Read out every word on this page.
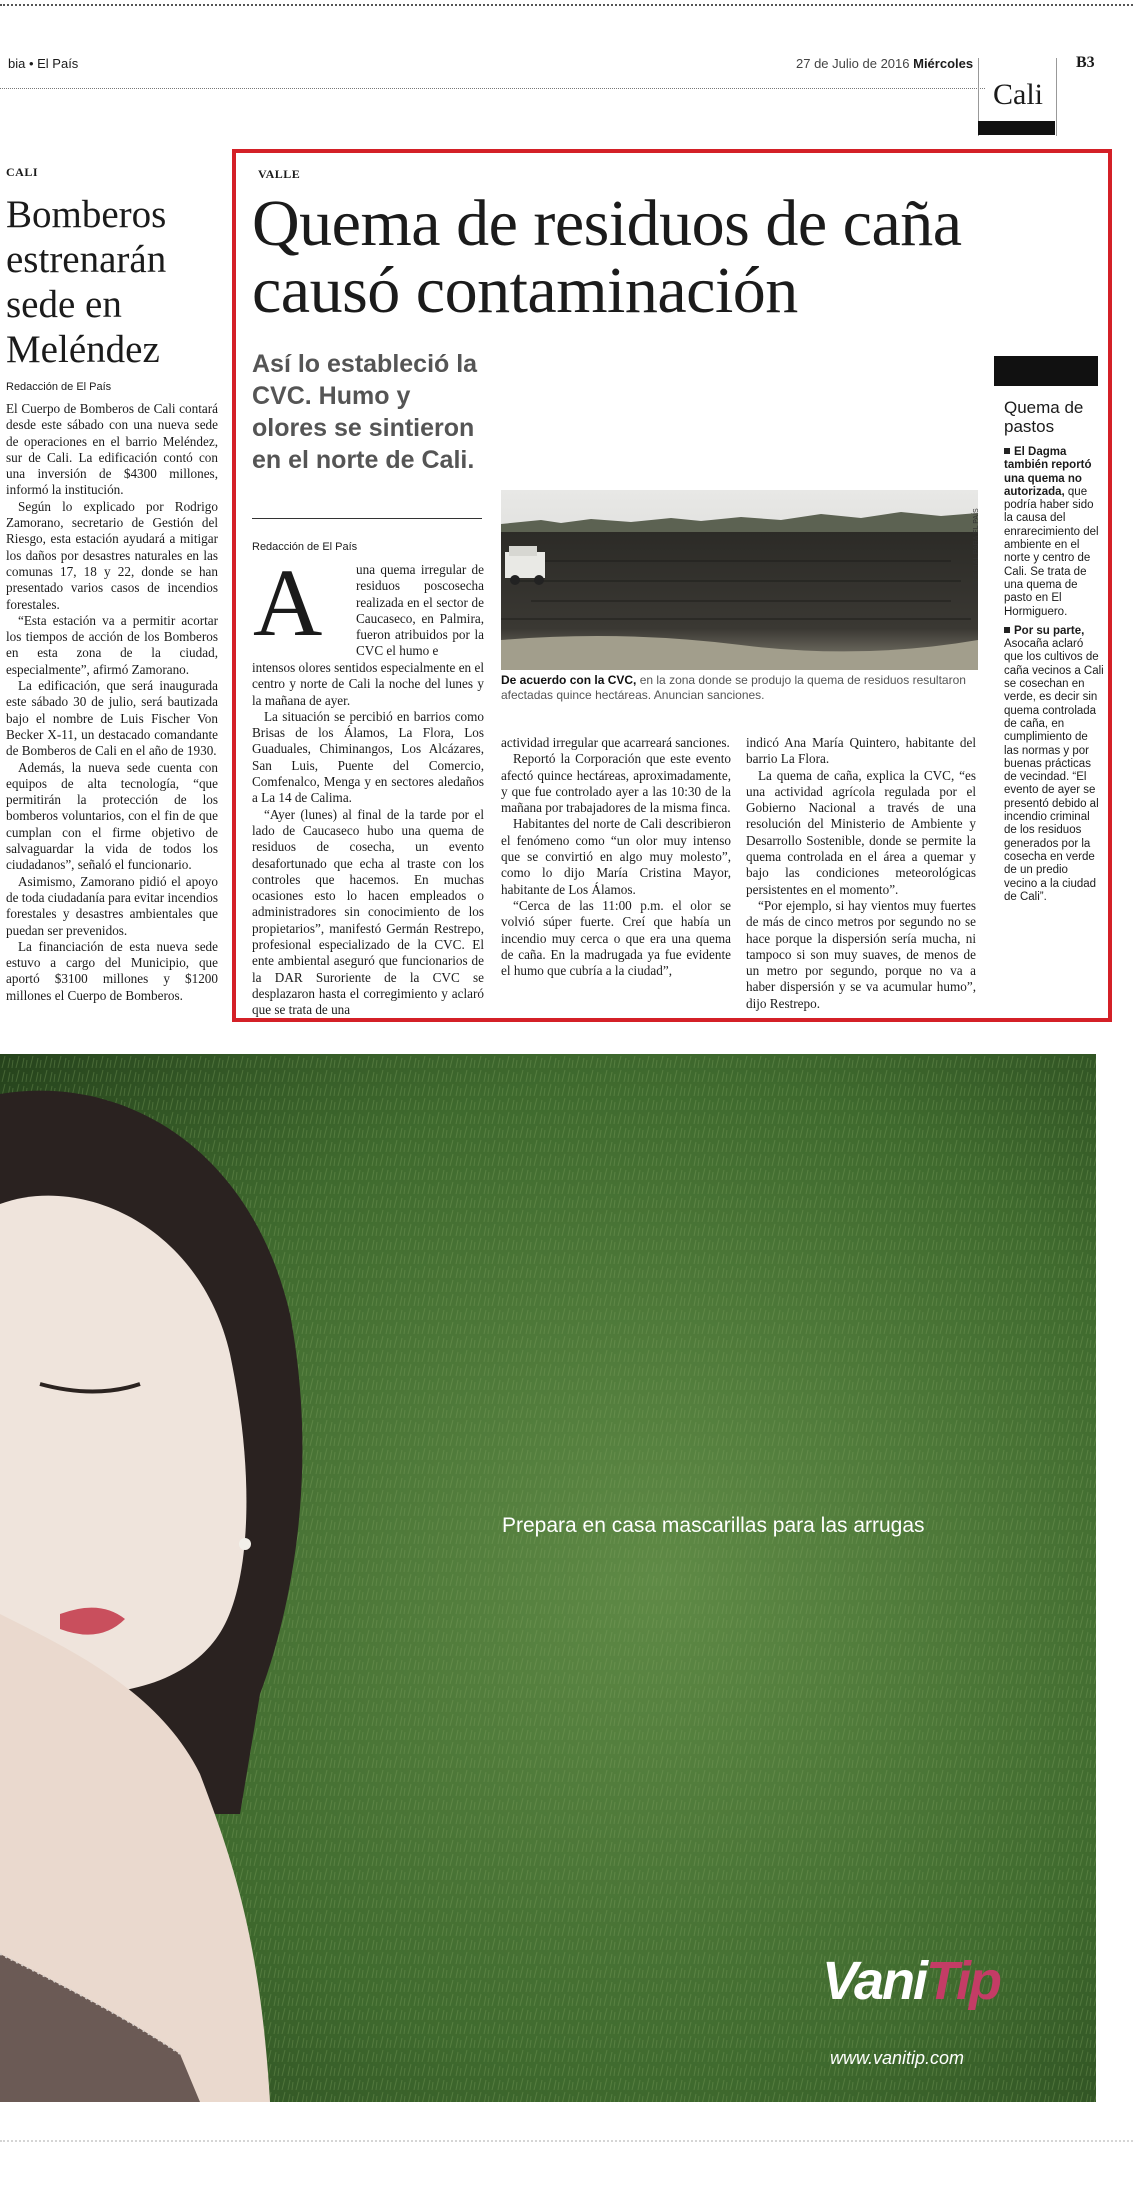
bia • El País	27 de Julio de 2016 Miércoles	B3
Cali
CALI
Bomberos estrenarán sede en Meléndez
Redacción de El País

El Cuerpo de Bomberos de Cali contará desde este sábado con una nueva sede de operaciones en el barrio Meléndez, sur de Cali. La edificación contó con una inversión de $4300 millones, informó la institución.

Según lo explicado por Rodrigo Zamorano, secretario de Gestión del Riesgo, esta estación ayudará a mitigar los daños por desastres naturales en las comunas 17, 18 y 22, donde se han presentado varios casos de incendios forestales.

“Esta estación va a permitir acortar los tiempos de acción de los Bomberos en esta zona de la ciudad, especialmente”, afirmó Zamorano.

La edificación, que será inaugurada este sábado 30 de julio, será bautizada bajo el nombre de Luis Fischer Von Becker X-11, un destacado comandante de Bomberos de Cali en el año de 1930.

Además, la nueva sede cuenta con equipos de alta tecnología, “que permitirán la protección de los bomberos voluntarios, con el fin de que cumplan con el firme objetivo de salvaguardar la vida de todos los ciudadanos”, señaló el funcionario.

Asimismo, Zamorano pidió el apoyo de toda ciudadanía para evitar incendios forestales y desastres ambientales que puedan ser prevenidos.

La financiación de esta nueva sede estuvo a cargo del Municipio, que aportó $3100 millones y $1200 millones el Cuerpo de Bomberos.

VALLE
Quema de residuos de caña causó contaminación

Así lo estableció la CVC. Humo y olores se sintieron en el norte de Cali.

Redacción de El País
A	una quema irregular de residuos poscosecha realizada en el sector de Caucaseco, en Palmira, fueron atribuidos por la CVC el humo e

intensos olores sentidos especialmente en el centro y norte de Cali la noche del lunes y la mañana de ayer.

La situación se percibió en barrios como Brisas de los Álamos, La Flora, Los Guaduales, Chiminangos, Los Alcázares, San Luis, Puente del Comercio, Comfenalco, Menga y en sectores aledaños a La 14 de Calima.

“Ayer (lunes) al final de la tarde por el lado de Caucaseco hubo una quema de residuos de cosecha, un evento desafortunado que echa al traste con los controles que hacemos. En muchas ocasiones esto lo hacen empleados o administradores sin conocimiento de los propietarios”, manifestó Germán Restrepo, profesional especializado de la CVC. El ente ambiental aseguró que funcionarios de la DAR Suroriente de la CVC se desplazaron hasta el corregimiento y aclaró que se trata de una

actividad irregular que acarreará sanciones.

Reportó la Corporación que este evento afectó quince hectáreas, aproximadamente, y que fue controlado ayer a las 10:30 de la mañana por trabajadores de la misma finca.

Habitantes del norte de Cali describieron el fenómeno como “un olor muy intenso que se convirtió en algo muy molesto”, como lo dijo María Cristina Mayor, habitante de Los Álamos.

“Cerca de las 11:00 p.m. el olor se volvió súper fuerte. Creí que había un incendio muy cerca o que era una quema de caña. En la madrugada ya fue evidente el humo que cubría a la ciudad”,

indicó Ana María Quintero, habitante del barrio La Flora.

La quema de caña, explica la CVC, “es una actividad agrícola regulada por el Gobierno Nacional a través de una resolución del Ministerio de Ambiente y Desarrollo Sostenible, donde se permite la quema controlada en el área a quemar y bajo las condiciones meteorológicas persistentes en el momento”.

“Por ejemplo, si hay vientos muy fuertes de más de cinco metros por segundo no se hace porque la dispersión sería mucha, ni tampoco si son muy suaves, de menos de un metro por segundo, porque no va a haber dispersión y se va acumular humo”, dijo Restrepo.

De acuerdo con la CVC, en la zona donde se produjo la quema de residuos resultaron afectadas quince hectáreas. Anuncian sanciones.
ESPECIAL PARA EL PAÍS
Quema de pastos

El Dagma también reportó una quema no autorizada, que podría haber sido la causa del enrarecimiento del ambiente en el norte y centro de Cali. Se trata de una quema de pasto en El Hormiguero.

Por su parte, Asocaña aclaró que los cultivos de caña vecinos a Cali se cosechan en verde, es decir sin quema controlada de caña, en cumplimiento de las normas y por buenas prácticas de vecindad. “El evento de ayer se presentó debido al incendio criminal de los residuos generados por la cosecha en verde de un predio vecino a la ciudad de Cali”.

Prepara en casa mascarillas para las arrugas
VaniTip
www.vanitip.com
